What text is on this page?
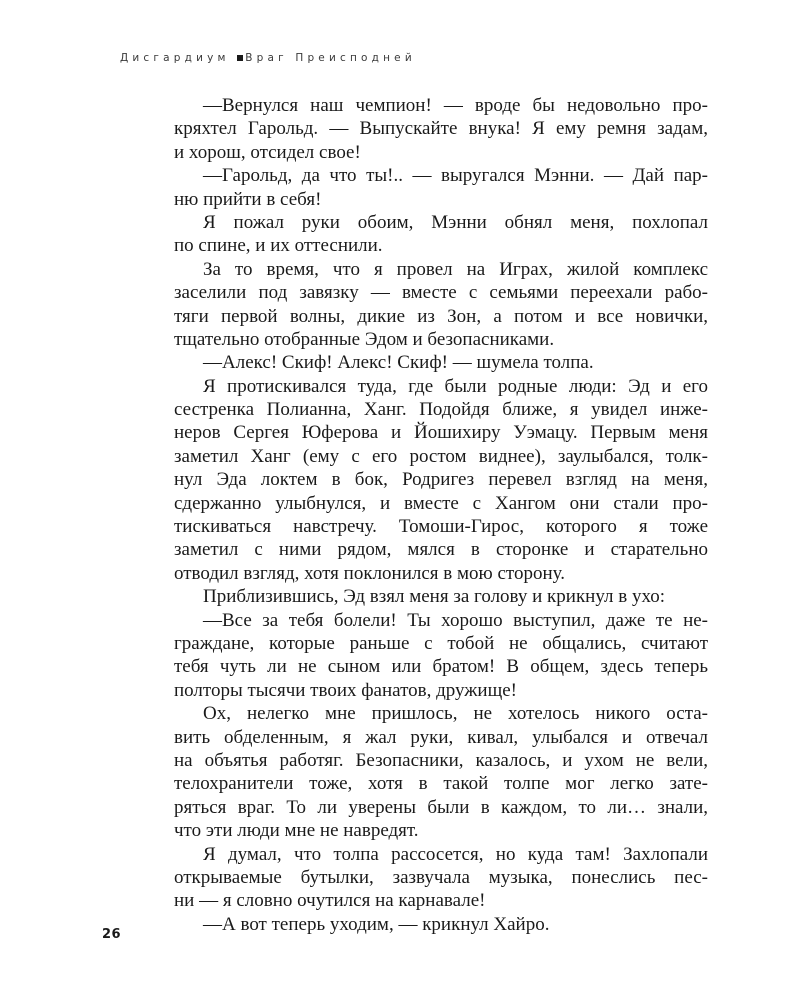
Дисгардиум Враг Преисподней
—Вернулся наш чемпион! — вроде бы недовольно про-
кряхтел Гарольд. — Выпускайте внука! Я ему ремня задам,
и хорош, отсидел свое!
—Гарольд, да что ты!.. — выругался Мэнни. — Дай пар-
ню прийти в себя!
Я пожал руки обоим, Мэнни обнял меня, похлопал
по спине, и их оттеснили.
За то время, что я провел на Играх, жилой комплекс
заселили под завязку — вместе с семьями переехали рабо-
тяги первой волны, дикие из Зон, а потом и все новички,
тщательно отобранные Эдом и безопасниками.
—Алекс! Скиф! Алекс! Скиф! — шумела толпа.
Я протискивался туда, где были родные люди: Эд и его
сестренка Полианна, Ханг. Подойдя ближе, я увидел инже-
неров Сергея Юферова и Йошихиру Уэмацу. Первым меня
заметил Ханг (ему с его ростом виднее), заулыбался, толк-
нул Эда локтем в бок, Родригез перевел взгляд на меня,
сдержанно улыбнулся, и вместе с Хангом они стали про-
тискиваться навстречу. Томоши-Гирос, которого я тоже
заметил с ними рядом, мялся в сторонке и старательно
отводил взгляд, хотя поклонился в мою сторону.
Приблизившись, Эд взял меня за голову и крикнул в ухо:
—Все за тебя болели! Ты хорошо выступил, даже те не-
граждане, которые раньше с тобой не общались, считают
тебя чуть ли не сыном или братом! В общем, здесь теперь
полторы тысячи твоих фанатов, дружище!
Ох, нелегко мне пришлось, не хотелось никого оста-
вить обделенным, я жал руки, кивал, улыбался и отвечал
на объятья работяг. Безопасники, казалось, и ухом не вели,
телохранители тоже, хотя в такой толпе мог легко зате-
ряться враг. То ли уверены были в каждом, то ли… знали,
что эти люди мне не навредят.
Я думал, что толпа рассосется, но куда там! Захлопали
открываемые бутылки, зазвучала музыка, понеслись пес-
ни — я словно очутился на карнавале!
—А вот теперь уходим, — крикнул Хайро.
26
